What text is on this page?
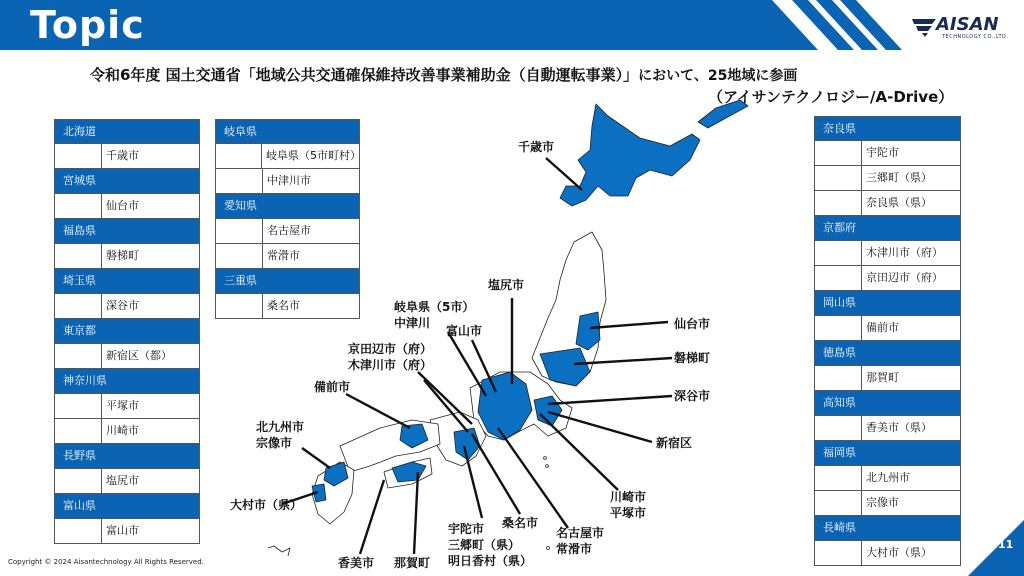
Topic	AISAN
TECHNOLOGY CO.,LTD.
令和6年度 国土交通省「地域公共交通確保維持改善事業補助金（自動運転事業）」において、25地域に参画
（アイサンテクノロジー/A-Drive）
北海道
千歳市
宮城県
仙台市
福島県
磐梯町
埼玉県
深谷市
東京都
新宿区（都）
神奈川県
平塚市
川崎市
長野県
塩尻市
富山県
富山市
岐阜県
岐阜県（5市町村）
中津川市
愛知県
名古屋市
常滑市
三重県
桑名市
奈良県
宇陀市
三郷町（県）
奈良県（県）
京都府
木津川市（府）
京田辺市（府）
岡山県
備前市
徳島県
那賀町
高知県
香美市（県）
福岡県
北九州市
宗像市
長崎県
大村市（県）
千歳市
塩尻市
岐阜県（5市）
中津川
富山市	仙台市
磐梯町
深谷市
新宿区
京田辺市（府）
木津川市（府）
備前市
北九州市
宗像市
大村市（県）
香美市 那賀町
宇陀市
三郷町（県）
明日香村（県）
桑名市
名古屋市
常滑市
川崎市
平塚市
Copyright © 2024 Aisantechnology All Rights Reserved.
11
